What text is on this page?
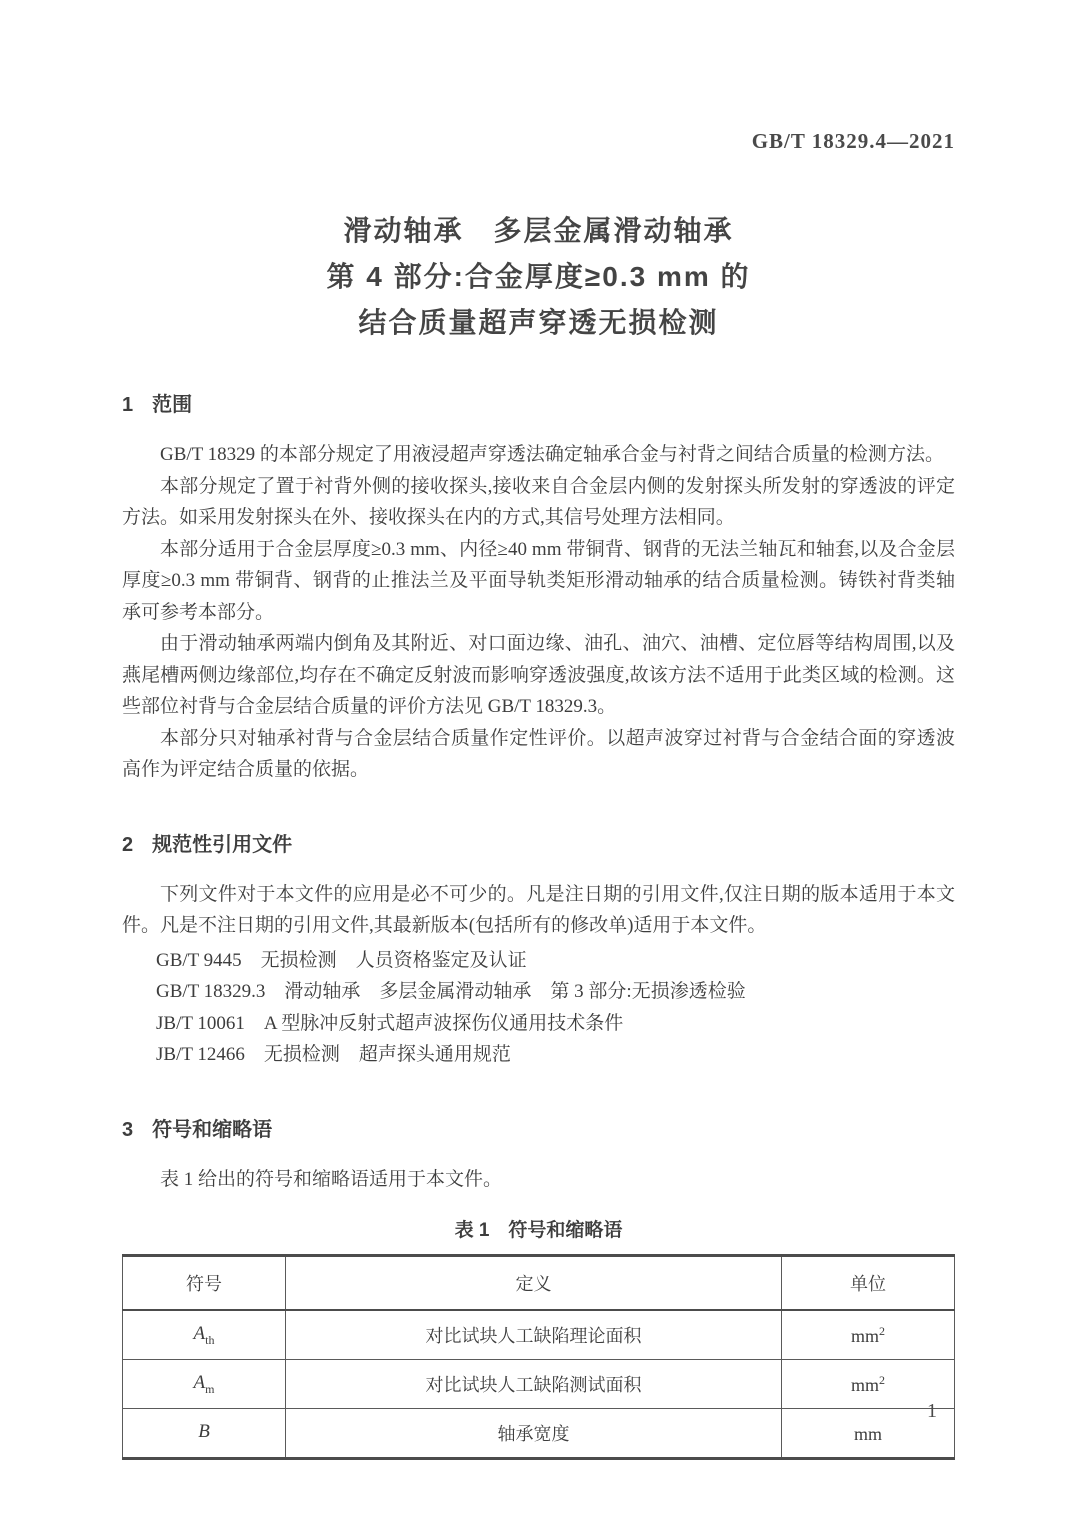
GB/T 18329.4—2021
滑动轴承　多层金属滑动轴承
第 4 部分:合金厚度≥0.3 mm 的
结合质量超声穿透无损检测
1 范围

GB/T 18329 的本部分规定了用液浸超声穿透法确定轴承合金与衬背之间结合质量的检测方法。

本部分规定了置于衬背外侧的接收探头,接收来自合金层内侧的发射探头所发射的穿透波的评定方法。如采用发射探头在外、接收探头在内的方式,其信号处理方法相同。

本部分适用于合金层厚度≥0.3 mm、内径≥40 mm 带铜背、钢背的无法兰轴瓦和轴套,以及合金层厚度≥0.3 mm 带铜背、钢背的止推法兰及平面导轨类矩形滑动轴承的结合质量检测。铸铁衬背类轴承可参考本部分。

由于滑动轴承两端内倒角及其附近、对口面边缘、油孔、油穴、油槽、定位唇等结构周围,以及燕尾槽两侧边缘部位,均存在不确定反射波而影响穿透波强度,故该方法不适用于此类区域的检测。这些部位衬背与合金层结合质量的评价方法见 GB/T 18329.3。

本部分只对轴承衬背与合金层结合质量作定性评价。以超声波穿过衬背与合金结合面的穿透波高作为评定结合质量的依据。

2 规范性引用文件

下列文件对于本文件的应用是必不可少的。凡是注日期的引用文件,仅注日期的版本适用于本文件。凡是不注日期的引用文件,其最新版本(包括所有的修改单)适用于本文件。

GB/T 9445　无损检测　人员资格鉴定及认证
GB/T 18329.3　滑动轴承　多层金属滑动轴承　第 3 部分:无损渗透检验
JB/T 10061　A 型脉冲反射式超声波探伤仪通用技术条件
JB/T 12466　无损检测　超声探头通用规范
3 符号和缩略语

表 1 给出的符号和缩略语适用于本文件。

表 1　符号和缩略语
符号	定义	单位
$A_{th}$	对比试块人工缺陷理论面积	$mm^2$
$A_m$	对比试块人工缺陷测试面积	$mm^2$
B	轴承宽度	mm
1
